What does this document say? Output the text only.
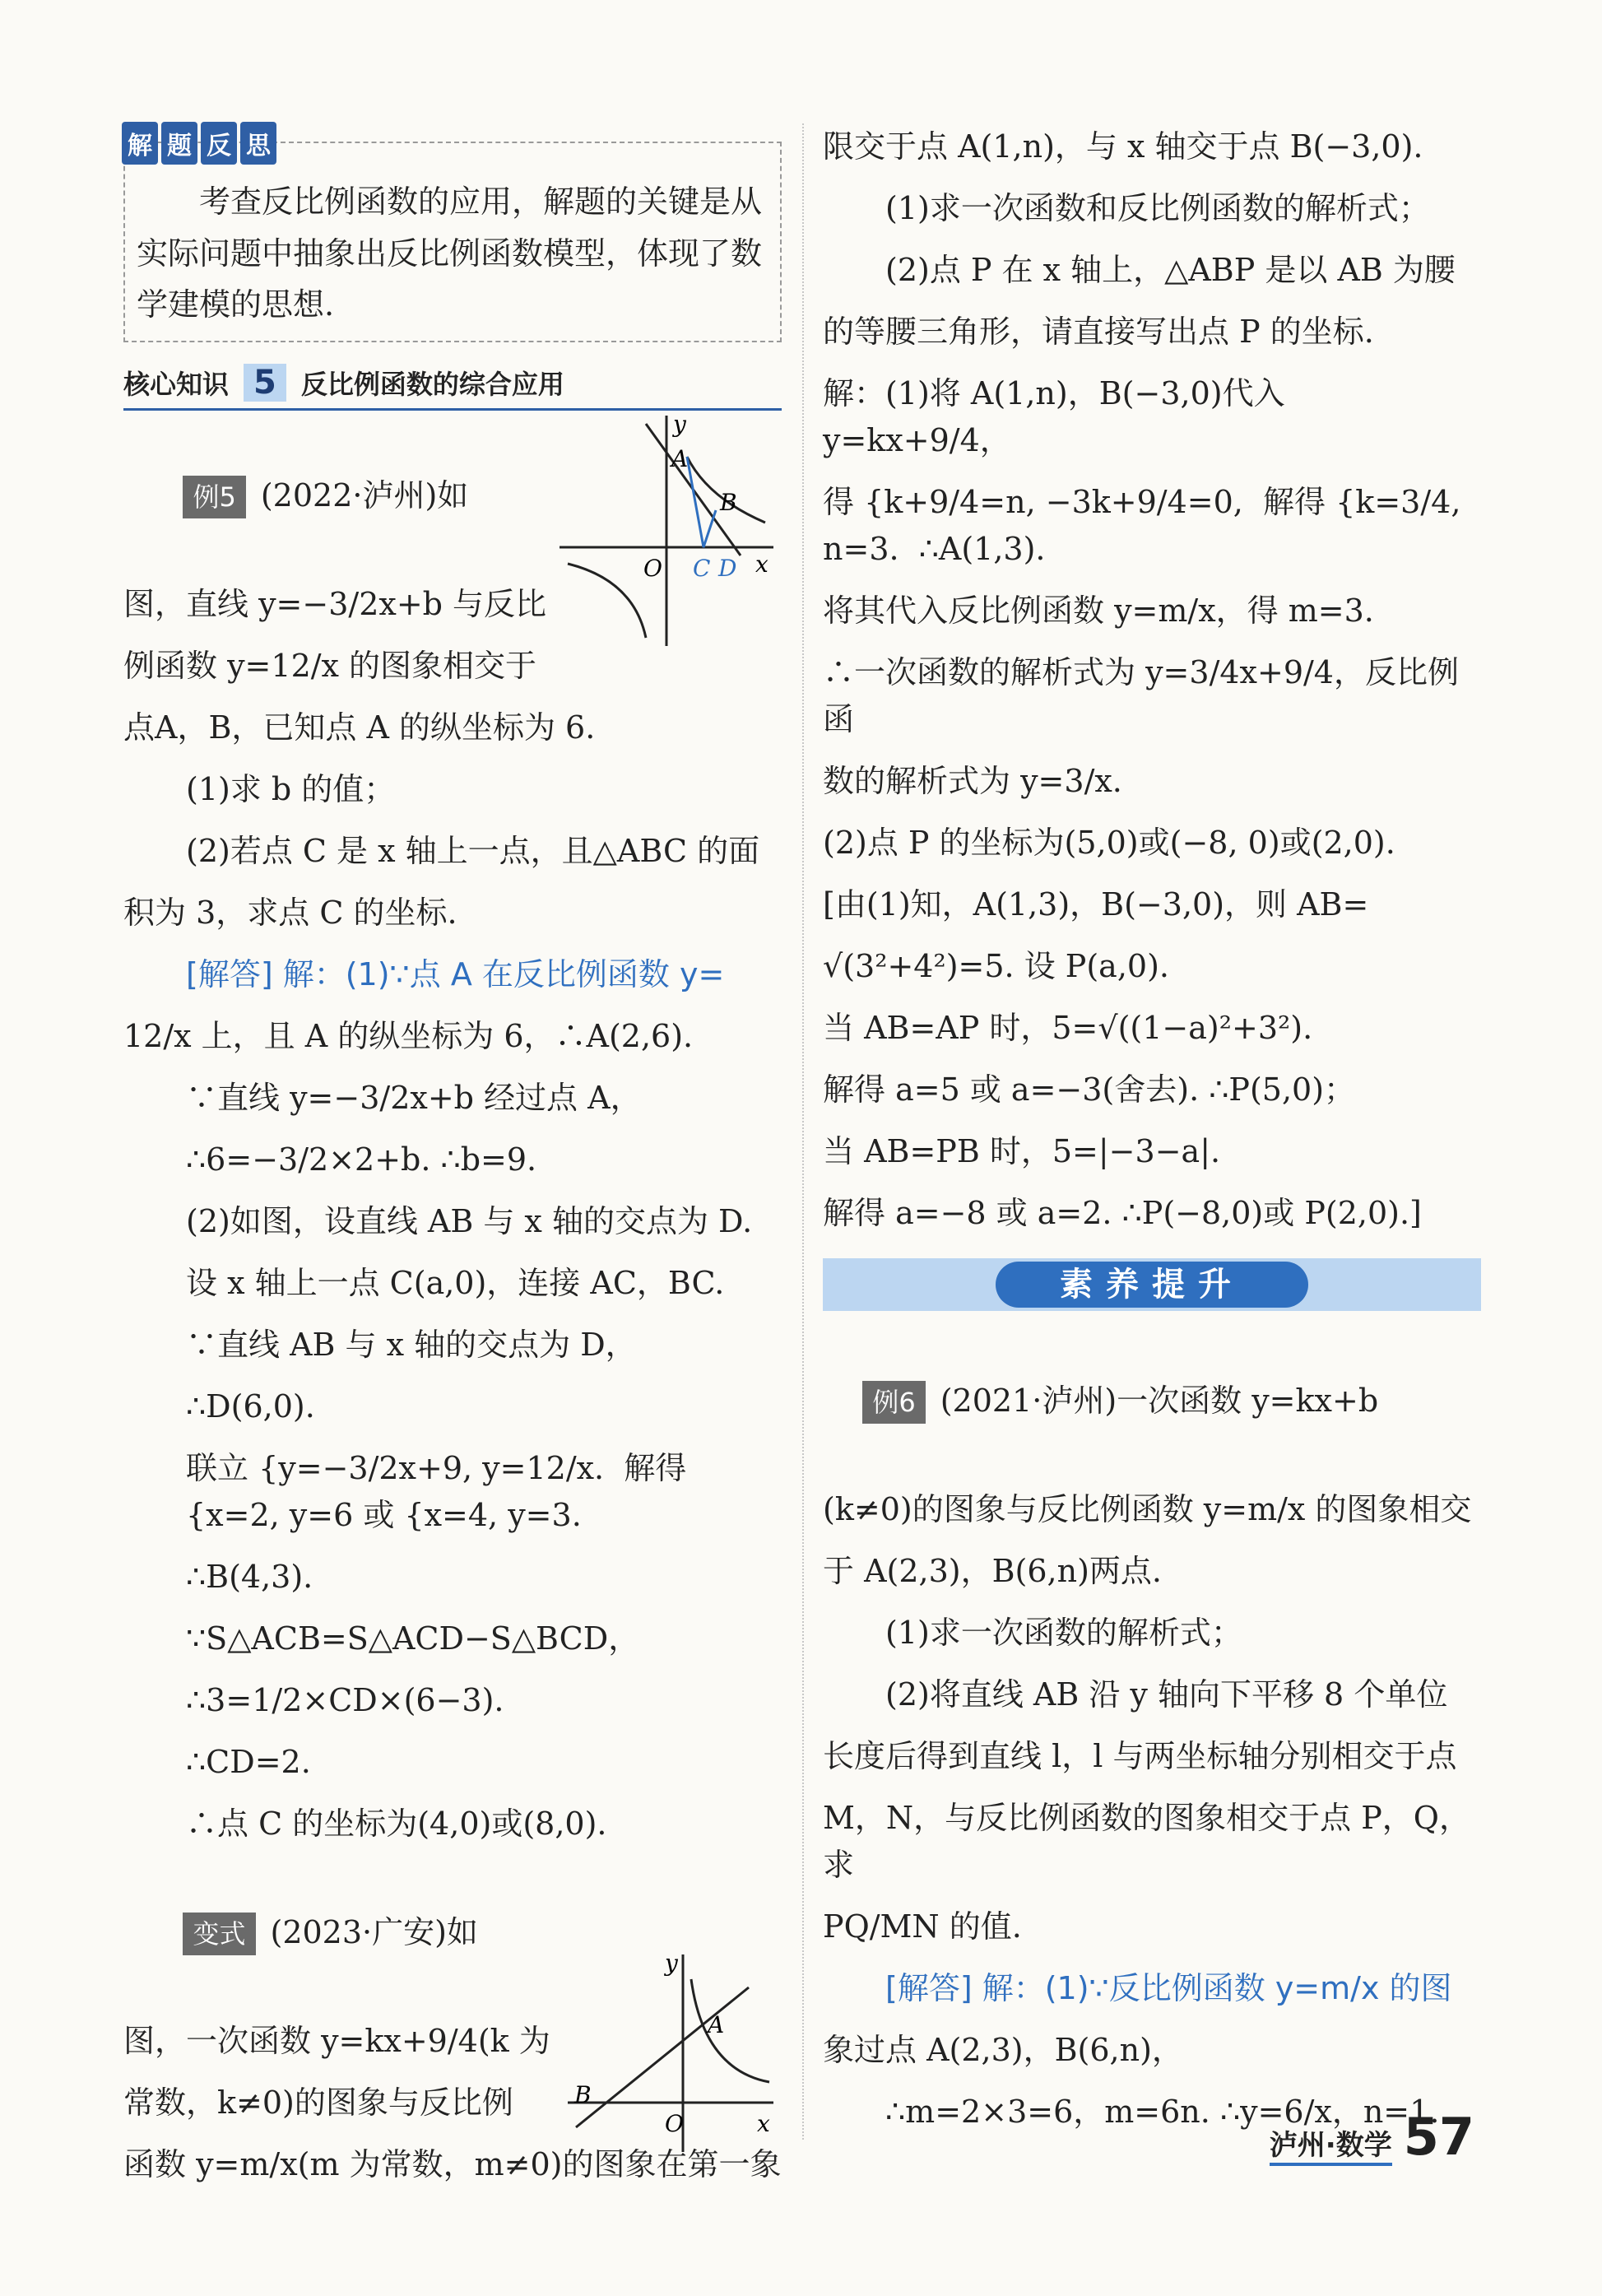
解 题 反 思

考查反比例函数的应用，解题的关键是从实际问题中抽象出反比例函数模型，体现了数学建模的思想.

核心知识 5 反比例函数的综合应用

例5 (2022·泸州)如

图，直线 y=−3/2x+b 与反比
例函数 y=12/x 的图象相交于
点A，B，已知点 A 的纵坐标为 6.
(1)求 b 的值；
(2)若点 C 是 x 轴上一点，且△ABC 的面
积为 3，求点 C 的坐标.
[解答] 解：(1)∵点 A 在反比例函数 y=
12/x 上，且 A 的纵坐标为 6，∴A(2,6).
∵直线 y=−3/2x+b 经过点 A，
∴6=−3/2×2+b. ∴b=9.
(2)如图，设直线 AB 与 x 轴的交点为 D.
设 x 轴上一点 C(a,0)，连接 AC，BC.
∵直线 AB 与 x 轴的交点为 D，
∴D(6,0).
联立 {y=−3/2x+9, y=12/x.  解得 {x=2, y=6 或 {x=4, y=3.
∴B(4,3).
∵S△ACB=S△ACD−S△BCD，
∴3=1/2×CD×(6−3).
∴CD=2.
∴点 C 的坐标为(4,0)或(8,0).

变式 (2023·广安)如

图，一次函数 y=kx+9/4(k 为
常数，k≠0)的图象与反比例
函数 y=m/x(m 为常数，m≠0)的图象在第一象
y
A
B
O C D x
y
A
B
O	x
限交于点 A(1,n)，与 x 轴交于点 B(−3,0).
(1)求一次函数和反比例函数的解析式；
(2)点 P 在 x 轴上，△ABP 是以 AB 为腰
的等腰三角形，请直接写出点 P 的坐标.
解：(1)将 A(1,n)，B(−3,0)代入 y=kx+9/4，
得 {k+9/4=n, −3k+9/4=0,  解得 {k=3/4, n=3.  ∴A(1,3).
将其代入反比例函数 y=m/x，得 m=3.
∴一次函数的解析式为 y=3/4x+9/4，反比例函
数的解析式为 y=3/x.
(2)点 P 的坐标为(5,0)或(−8, 0)或(2,0).
[由(1)知，A(1,3)，B(−3,0)，则 AB=
√(3²+4²)=5. 设 P(a,0).
当 AB=AP 时，5=√((1−a)²+3²).
解得 a=5 或 a=−3(舍去). ∴P(5,0)；
当 AB=PB 时，5=|−3−a|.
解得 a=−8 或 a=2. ∴P(−8,0)或 P(2,0).]
素养提升

例6 (2021·泸州)一次函数 y=kx+b

(k≠0)的图象与反比例函数 y=m/x 的图象相交
于 A(2,3)，B(6,n)两点.
(1)求一次函数的解析式；
(2)将直线 AB 沿 y 轴向下平移 8 个单位
长度后得到直线 l，l 与两坐标轴分别相交于点
M，N，与反比例函数的图象相交于点 P，Q，求
PQ/MN 的值.
[解答] 解：(1)∵反比例函数 y=m/x 的图
象过点 A(2,3)，B(6,n)，
∴m=2×3=6，m=6n. ∴y=6/x，n=1.
泸州·数学 57
